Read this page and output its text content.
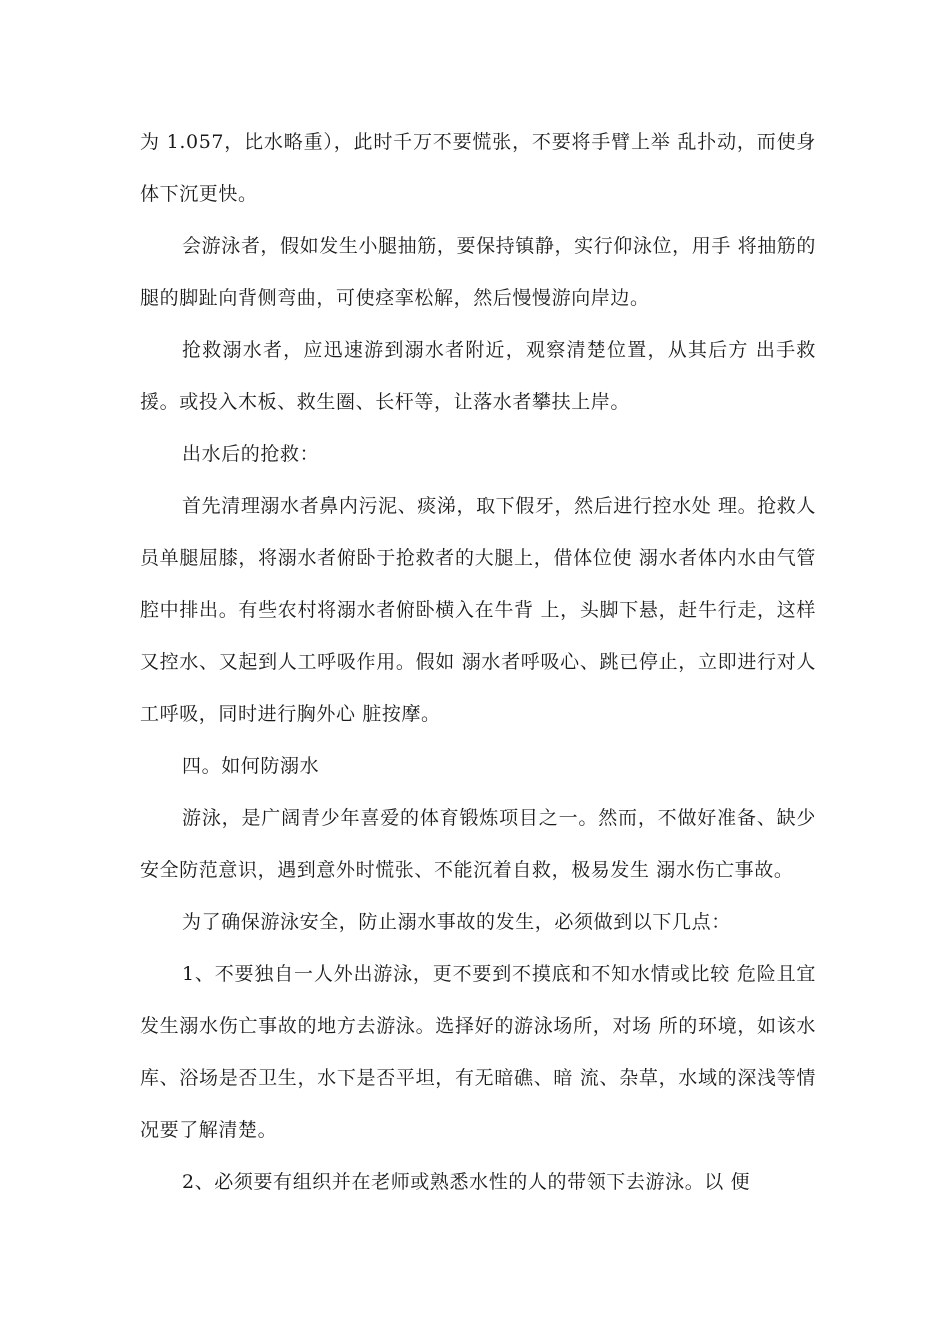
为 1.057，比水略重），此时千万不要慌张，不要将手臂上举 乱扑动，而使身体下沉更快。

会游泳者，假如发生小腿抽筋，要保持镇静，实行仰泳位，用手 将抽筋的腿的脚趾向背侧弯曲，可使痉挛松解，然后慢慢游向岸边。

抢救溺水者，应迅速游到溺水者附近，观察清楚位置，从其后方 出手救援。或投入木板、救生圈、长杆等，让落水者攀扶上岸。

出水后的抢救：

首先清理溺水者鼻内污泥、痰涕，取下假牙，然后进行控水处 理。抢救人员单腿屈膝，将溺水者俯卧于抢救者的大腿上，借体位使 溺水者体内水由气管腔中排出。有些农村将溺水者俯卧横入在牛背 上，头脚下悬，赶牛行走，这样又控水、又起到人工呼吸作用。假如 溺水者呼吸心、跳已停止，立即进行对人工呼吸，同时进行胸外心 脏按摩。

四。如何防溺水

游泳，是广阔青少年喜爱的体育锻炼项目之一。然而，不做好准备、缺少安全防范意识，遇到意外时慌张、不能沉着自救，极易发生 溺水伤亡事故。

为了确保游泳安全，防止溺水事故的发生，必须做到以下几点：

1、不要独自一人外出游泳，更不要到不摸底和不知水情或比较 危险且宜发生溺水伤亡事故的地方去游泳。选择好的游泳场所，对场 所的环境，如该水库、浴场是否卫生，水下是否平坦，有无暗礁、暗 流、杂草，水域的深浅等情况要了解清楚。

2、必须要有组织并在老师或熟悉水性的人的带领下去游泳。以 便
